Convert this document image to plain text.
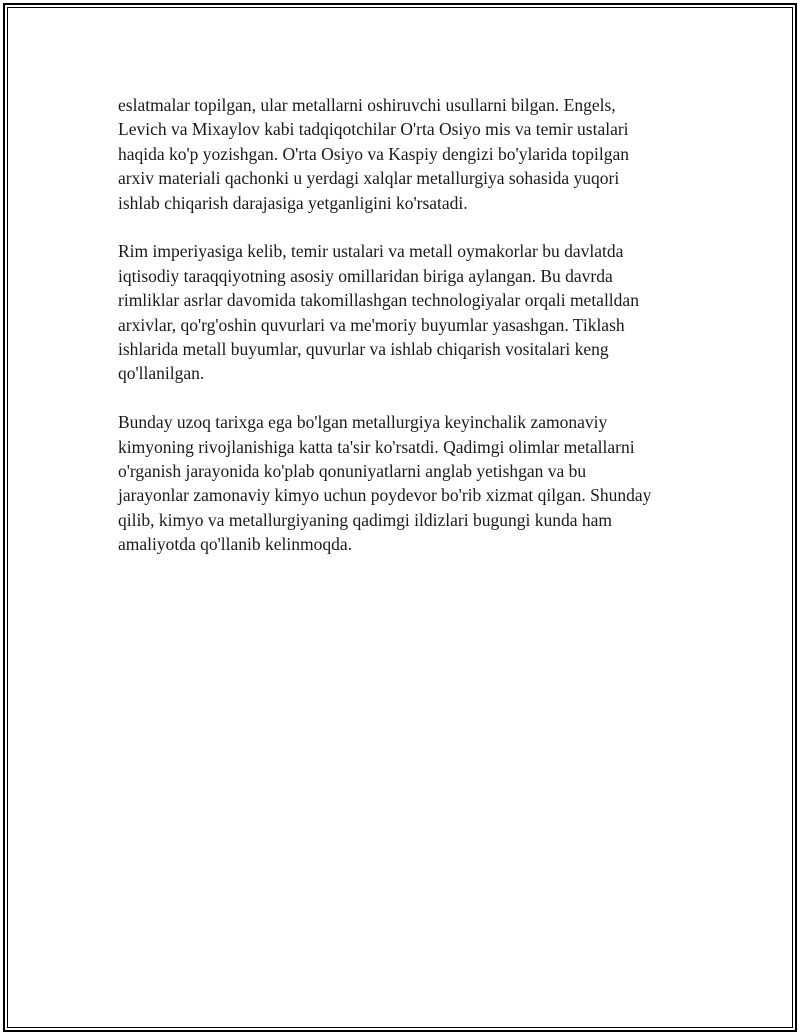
eslatmalar topilgan, ular metallarni oshiruvchi usullarni bilgan. Engels,
Levich va Mixaylov kabi tadqiqotchilar O'rta Osiyo mis va temir ustalari
haqida ko'p yozishgan. O'rta Osiyo va Kaspiy dengizi bo'ylarida topilgan
arxiv materiali qachonki u yerdagi xalqlar metallurgiya sohasida yuqori
ishlab chiqarish darajasiga yetganligini ko'rsatadi.

Rim imperiyasiga kelib, temir ustalari va metall oymakorlar bu davlatda
iqtisodiy taraqqiyotning asosiy omillaridan biriga aylangan. Bu davrda
rimliklar asrlar davomida takomillashgan technologiyalar orqali metalldan
arxivlar, qo'rg'oshin quvurlari va me'moriy buyumlar yasashgan. Tiklash
ishlarida metall buyumlar, quvurlar va ishlab chiqarish vositalari keng
qo'llanilgan.

Bunday uzoq tarixga ega bo'lgan metallurgiya keyinchalik zamonaviy
kimyoning rivojlanishiga katta ta'sir ko'rsatdi. Qadimgi olimlar metallarni
o'rganish jarayonida ko'plab qonuniyatlarni anglab yetishgan va bu
jarayonlar zamonaviy kimyo uchun poydevor bo'rib xizmat qilgan. Shunday
qilib, kimyo va metallurgiyaning qadimgi ildizlari bugungi kunda ham
amaliyotda qo'llanib kelinmoqda.
